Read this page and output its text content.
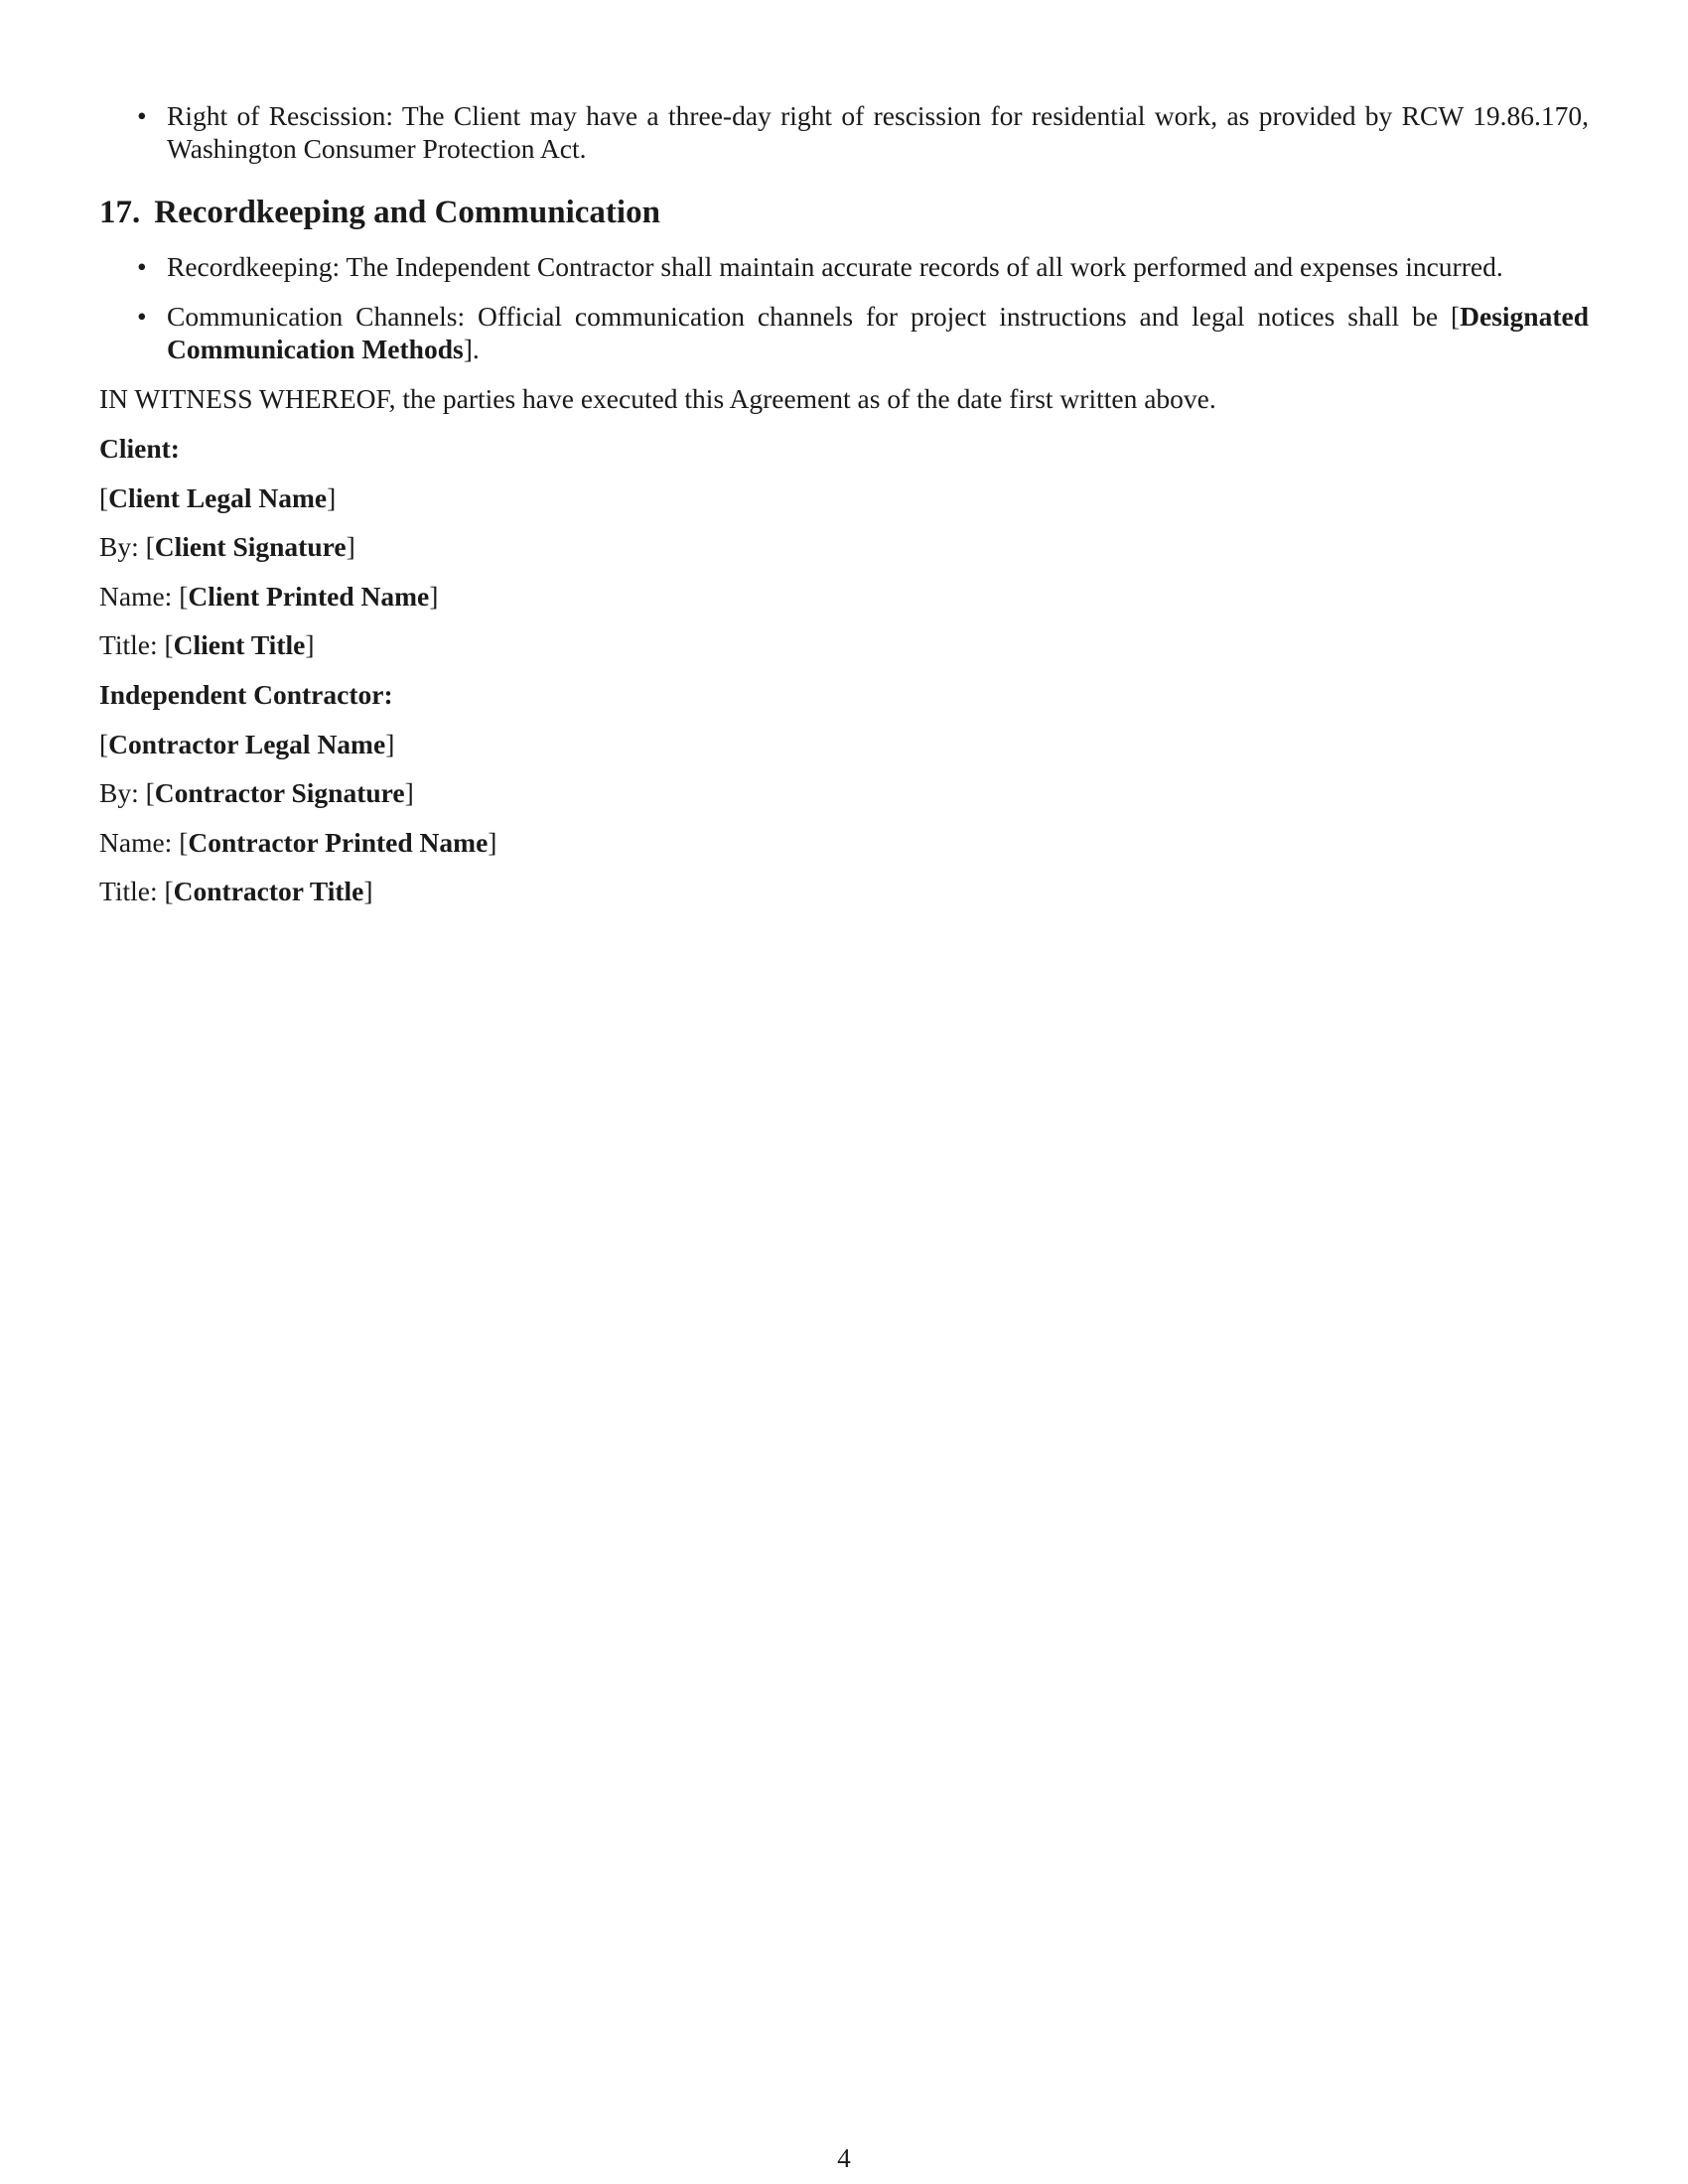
• Right of Rescission: The Client may have a three-day right of rescission for residential work, as provided by RCW 19.86.170, Washington Consumer Protection Act.
17. Recordkeeping and Communication
• Recordkeeping: The Independent Contractor shall maintain accurate records of all work performed and expenses incurred.
• Communication Channels: Official communication channels for project instructions and legal notices shall be [Designated Communication Methods].

IN WITNESS WHEREOF, the parties have executed this Agreement as of the date first written above.

Client:

[Client Legal Name]

By: [Client Signature]

Name: [Client Printed Name]

Title: [Client Title]

Independent Contractor:

[Contractor Legal Name]

By: [Contractor Signature]

Name: [Contractor Printed Name]

Title: [Contractor Title]

4
